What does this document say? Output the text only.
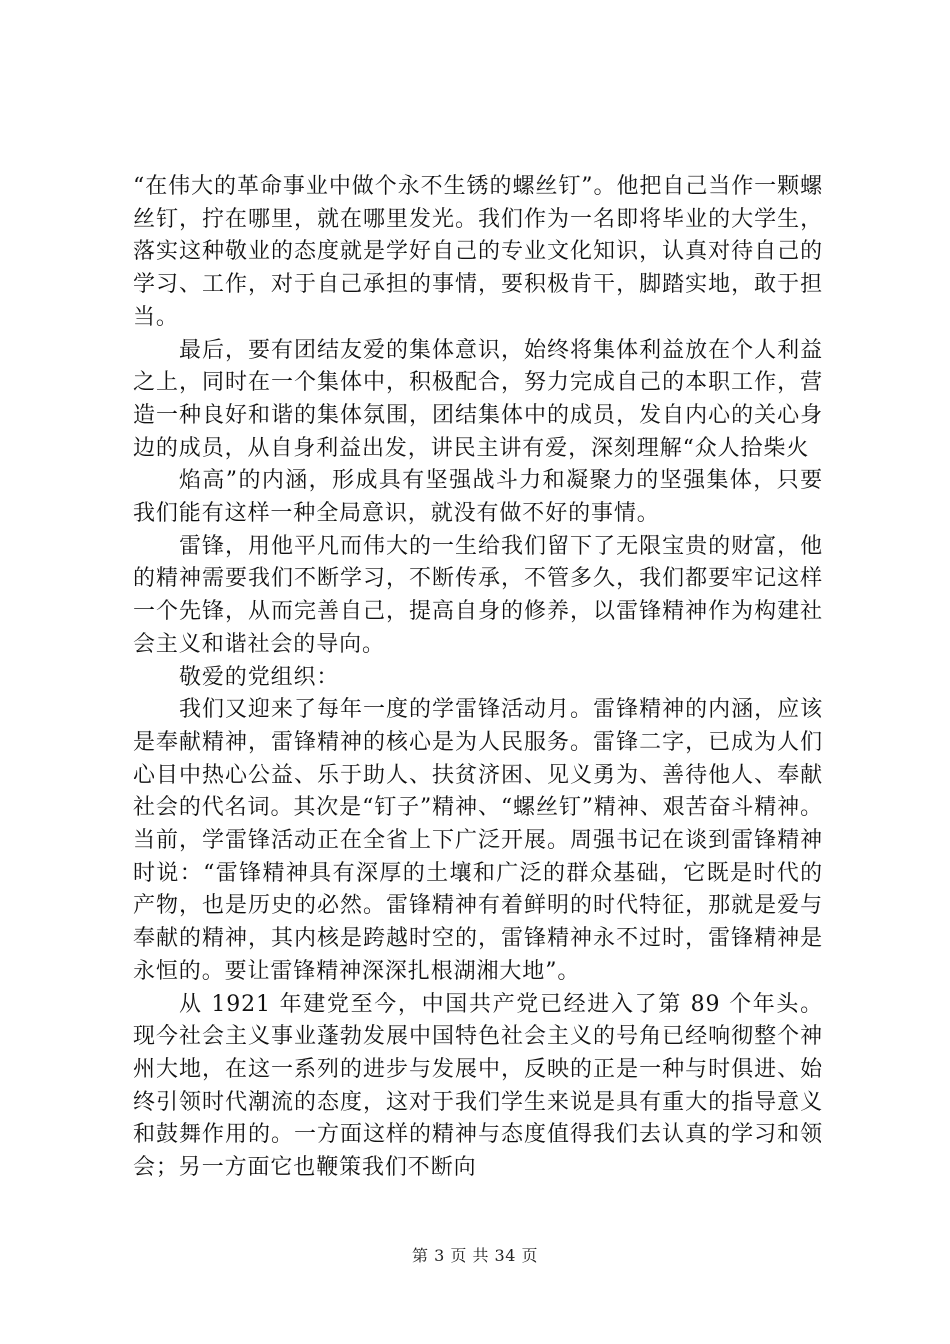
“在伟大的革命事业中做个永不生锈的螺丝钉”。他把自己当作一颗螺丝钉，拧在哪里，就在哪里发光。我们作为一名即将毕业的大学生，落实这种敬业的态度就是学好自己的专业文化知识，认真对待自己的学习、工作，对于自己承担的事情，要积极肯干，脚踏实地，敢于担当。

最后，要有团结友爱的集体意识，始终将集体利益放在个人利益之上，同时在一个集体中，积极配合，努力完成自己的本职工作，营造一种良好和谐的集体氛围，团结集体中的成员，发自内心的关心身边的成员，从自身利益出发，讲民主讲有爱，深刻理解“众人拾柴火

焰高”的内涵，形成具有坚强战斗力和凝聚力的坚强集体，只要我们能有这样一种全局意识，就没有做不好的事情。

雷锋，用他平凡而伟大的一生给我们留下了无限宝贵的财富，他的精神需要我们不断学习，不断传承，不管多久，我们都要牢记这样一个先锋，从而完善自己，提高自身的修养，以雷锋精神作为构建社会主义和谐社会的导向。

敬爱的党组织：

我们又迎来了每年一度的学雷锋活动月。雷锋精神的内涵，应该是奉献精神，雷锋精神的核心是为人民服务。雷锋二字，已成为人们心目中热心公益、乐于助人、扶贫济困、见义勇为、善待他人、奉献社会的代名词。其次是“钉子”精神、“螺丝钉”精神、艰苦奋斗精神。当前，学雷锋活动正在全省上下广泛开展。周强书记在谈到雷锋精神时说：“雷锋精神具有深厚的土壤和广泛的群众基础，它既是时代的产物，也是历史的必然。雷锋精神有着鲜明的时代特征，那就是爱与奉献的精神，其内核是跨越时空的，雷锋精神永不过时，雷锋精神是永恒的。要让雷锋精神深深扎根湖湘大地”。

从 1921 年建党至今，中国共产党已经进入了第 89 个年头。现今社会主义事业蓬勃发展中国特色社会主义的号角已经响彻整个神州大地，在这一系列的进步与发展中，反映的正是一种与时俱进、始终引领时代潮流的态度，这对于我们学生来说是具有重大的指导意义和鼓舞作用的。一方面这样的精神与态度值得我们去认真的学习和领会；另一方面它也鞭策我们不断向

第 3 页 共 34 页
